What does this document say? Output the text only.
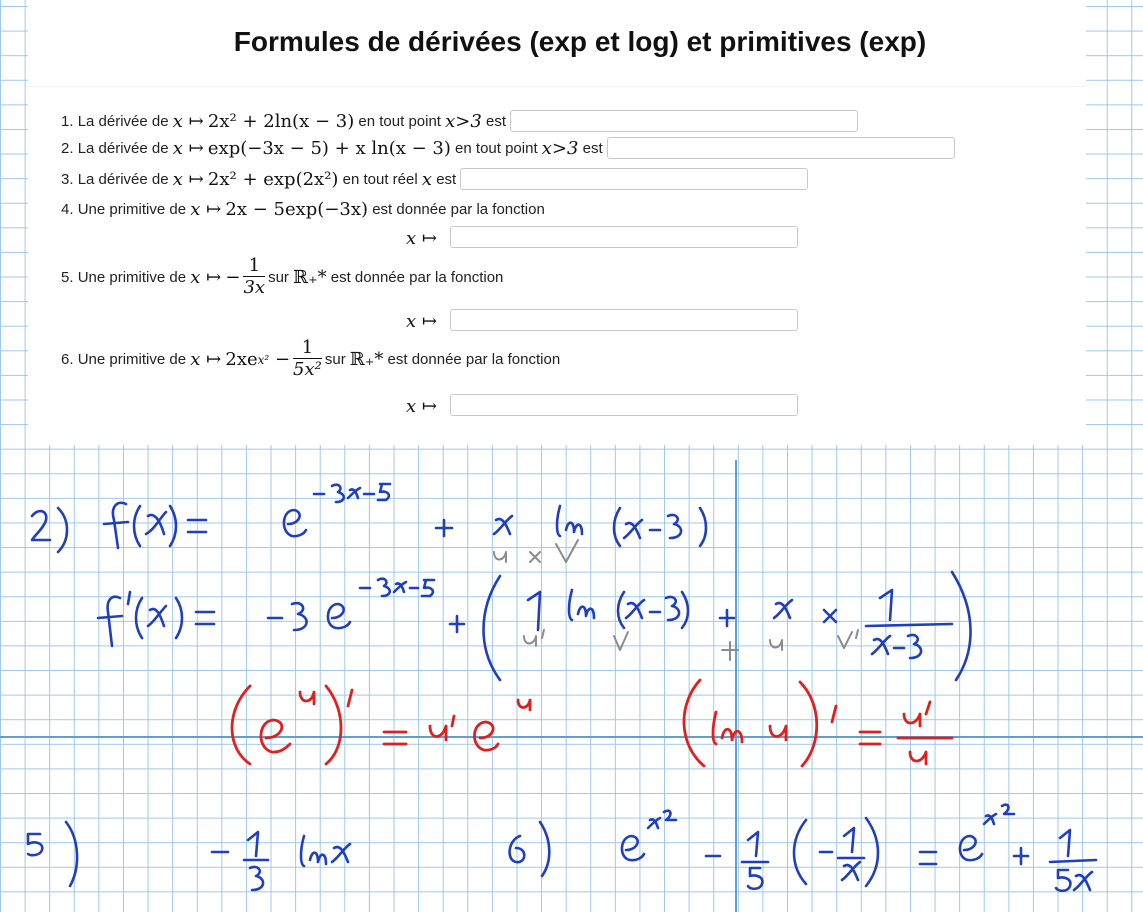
Formules de dérivées (exp et log) et primitives (exp)
1.
La dérivée de
x ↦
2x² + 2ln(x − 3)
en tout point
x>3
est

2.
La dérivée de
x ↦
exp(−3x − 5) + x ln(x − 3)
en tout point
x>3
est

3.
La dérivée de
x ↦
2x² + exp(2x²)
en tout réel
x
est

4.
Une primitive de
x ↦
2x − 5exp(−3x)
est donnée par la fonction
x ↦
5.
Une primitive de
x ↦
− $\frac{1}{3x}$ sur
ℝ₊*
est donnée par la fonction
x ↦
6.
Une primitive de
x ↦
2xe $x^2 - \frac{1}{\text{5x²}}$ sur
ℝ₊*
est donnée par la fonction
x ↦
